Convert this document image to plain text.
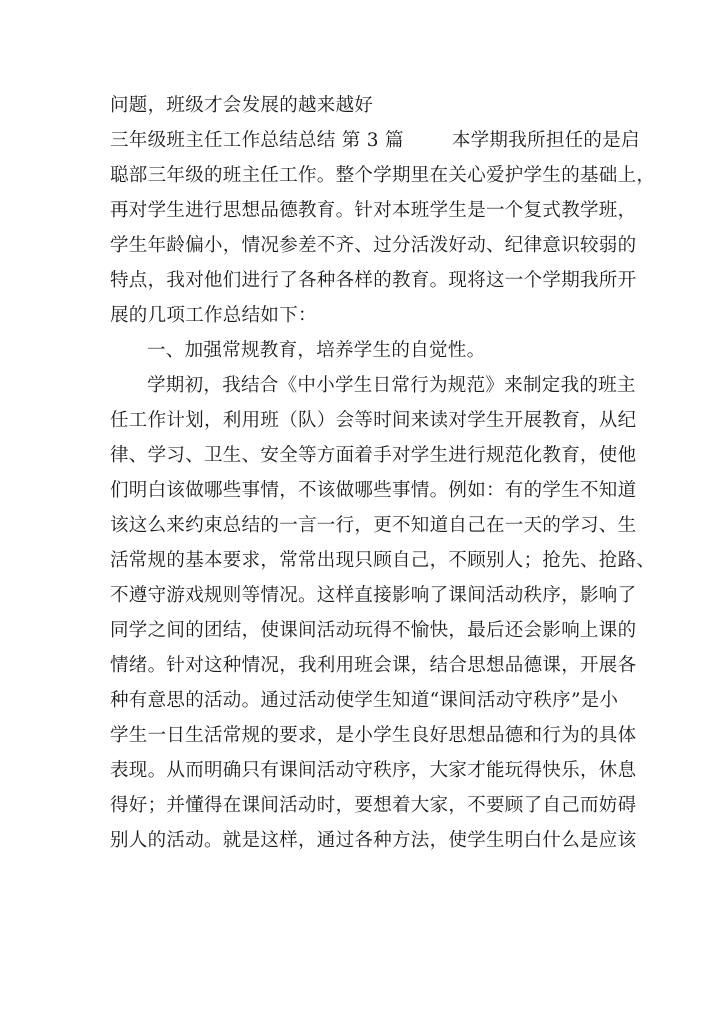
问题，班级才会发展的越来越好
三年级班主任工作总结总结 第 3 篇	本学期我所担任的是启
聪部三年级的班主任工作。整个学期里在关心爱护学生的基础上，
再对学生进行思想品德教育。针对本班学生是一个复式教学班，
学生年龄偏小，情况参差不齐、过分活泼好动、纪律意识较弱的
特点，我对他们进行了各种各样的教育。现将这一个学期我所开
展的几项工作总结如下：
一、加强常规教育，培养学生的自觉性。
学期初，我结合《中小学生日常行为规范》来制定我的班主
任工作计划，利用班（队）会等时间来读对学生开展教育，从纪
律、学习、卫生、安全等方面着手对学生进行规范化教育，使他
们明白该做哪些事情，不该做哪些事情。例如：有的学生不知道
该这么来约束总结的一言一行，更不知道自己在一天的学习、生
活常规的基本要求，常常出现只顾自己，不顾别人；抢先、抢路、
不遵守游戏规则等情况。这样直接影响了课间活动秩序，影响了
同学之间的团结，使课间活动玩得不愉快，最后还会影响上课的
情绪。针对这种情况，我利用班会课，结合思想品德课，开展各
种有意思的活动。通过活动使学生知道“课间活动守秩序”是小
学生一日生活常规的要求，是小学生良好思想品德和行为的具体
表现。从而明确只有课间活动守秩序，大家才能玩得快乐，休息
得好；并懂得在课间活动时，要想着大家，不要顾了自己而妨碍
别人的活动。就是这样，通过各种方法，使学生明白什么是应该
